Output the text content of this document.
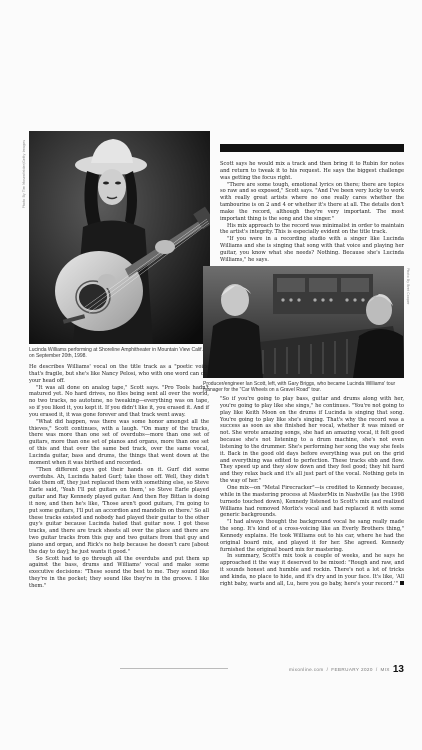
Photo By Tim Mosenfelder/Getty Images
Lucinda Williams performing at Shoreline Amphitheater in Mountain View Calif. on September 20th, 1998.
Photo By Bret Cooper
Producer/engineer Ian Scott, left, with Gary Briggs, who became Lucinda Williams' tour manager for the "Car Wheels on a Gravel Road" tour.

He describes Williams' vocal on the title track as a "poetic voice that's fragile, but she's like Nancy Pelosi, who with one word can cut your head off.

"It was all done on analog tape," Scott says. "Pro Tools hadn't matured yet. No hard drives, no files being sent all over the world, no two tracks, no autotune, no tweaking—everything was on tape, so if you liked it, you kept it. If you didn't like it, you erased it. And if you erased it, it was gone forever and that track went away.

"What did happen, was there was some honor amongst all the thieves," Scott continues, with a laugh. "On many of the tracks, there was more than one set of overdubs—more than one set of guitars, more than one set of pianos and organs, more than one set of this and that over the same bed track, over the same vocal, Lucinda guitar, bass and drums, the things that went down at the moment when it was birthed and recorded.

"Then different guys got their hands on it. Gurf did some overdubs. Ah, Lucinda hated Gurf; take those off. Well, they didn't take them off, they just replaced them with something else, so Steve Earle said, 'Yeah I'll put guitars on them,' so Steve Earle played guitar and Ray Kennedy played guitar. And then Roy Bittan is doing it now, and then he's like, 'Those aren't good guitars, I'm going to put some guitars, I'll put an accordion and mandolin on there.' So all these tracks existed and nobody had played their guitar to the other guy's guitar because Lucinda hated that guitar now. I got these tracks, and there are track sheets all over the place and there are two guitar tracks from this guy and two guitars from that guy and piano and organ, and Rick's no help because he doesn't care [about the day to day]; he just wants it good."

So Scott had to go through all the overdubs and put them up against the bass, drums and Williams' vocal and make some executive decisions: "These sound the best to me. They sound like they're in the pocket; they sound like they're in the groove. I like them."

Scott says he would mix a track and then bring it to Rubin for notes and return to tweak it to his request. He says the biggest challenge was getting the focus right.

"There are some tough, emotional lyrics on there; there are topics so raw and so exposed," Scott says. "And I've been very lucky to work with really great artists where no one really cares whether the tambourine is on 2 and 4 or whether it's there at all. The details don't make the record, although they're very important. The most important thing is the song and the singer."

His mix approach to the record was minimalist in order to maintain the artist's integrity. This is especially evident on the title track.

"If you were in a recording studio with a singer like Lucinda Williams and she is singing that song with that voice and playing her guitar, you know what she needs? Nothing. Because she's Lucinda Williams," he says.

"So if you're going to play bass, guitar and drums along with her, you're going to play like she sings," he continues. "You're not going to play like Keith Moon on the drums if Lucinda is singing that song. You're going to play like she's singing. That's why the record was a success as soon as she finished her vocal, whether it was mixed or not. She wrote amazing songs, she had an amazing vocal, it felt good because she's not listening to a drum machine, she's not even listening to the drummer. She's performing her song the way she feels it. Back in the good old days before everything was put on the grid and everything was edited to perfection. These tracks ebb and flow. They speed up and they slow down and they feel good; they hit hard and they relax back and it's all just part of the vocal. Nothing gets in the way of her."

One mix—on "Metal Firecracker"—is credited to Kennedy because, while in the mastering process at MasterMix in Nashville (as the 1998 turnedo touched down), Kennedy listened to Scott's mix and realized Williams had removed Morlix's vocal and had replaced it with some generic backgrounds.

"I had always thought the background vocal he sang really made the song. It's kind of a cross-voicing like an Everly Brothers thing," Kennedy explains. He took Williams out to his car, where he had the original board mix, and played it for her. She agreed. Kennedy furnished the original board mix for mastering.

In summary, Scott's mix took a couple of weeks, and he says he approached it the way it deserved to be mixed: "Rough and raw, and it sounds honest and humble and rockin. There's not a lot of tricks and kinda, no place to hide, and it's dry and in your face. It's like, 'All right baby, warts and all, Lu, here you go baby, here's your record.'"

mixonline.com / FEBRUARY 2020 / MIX 13
